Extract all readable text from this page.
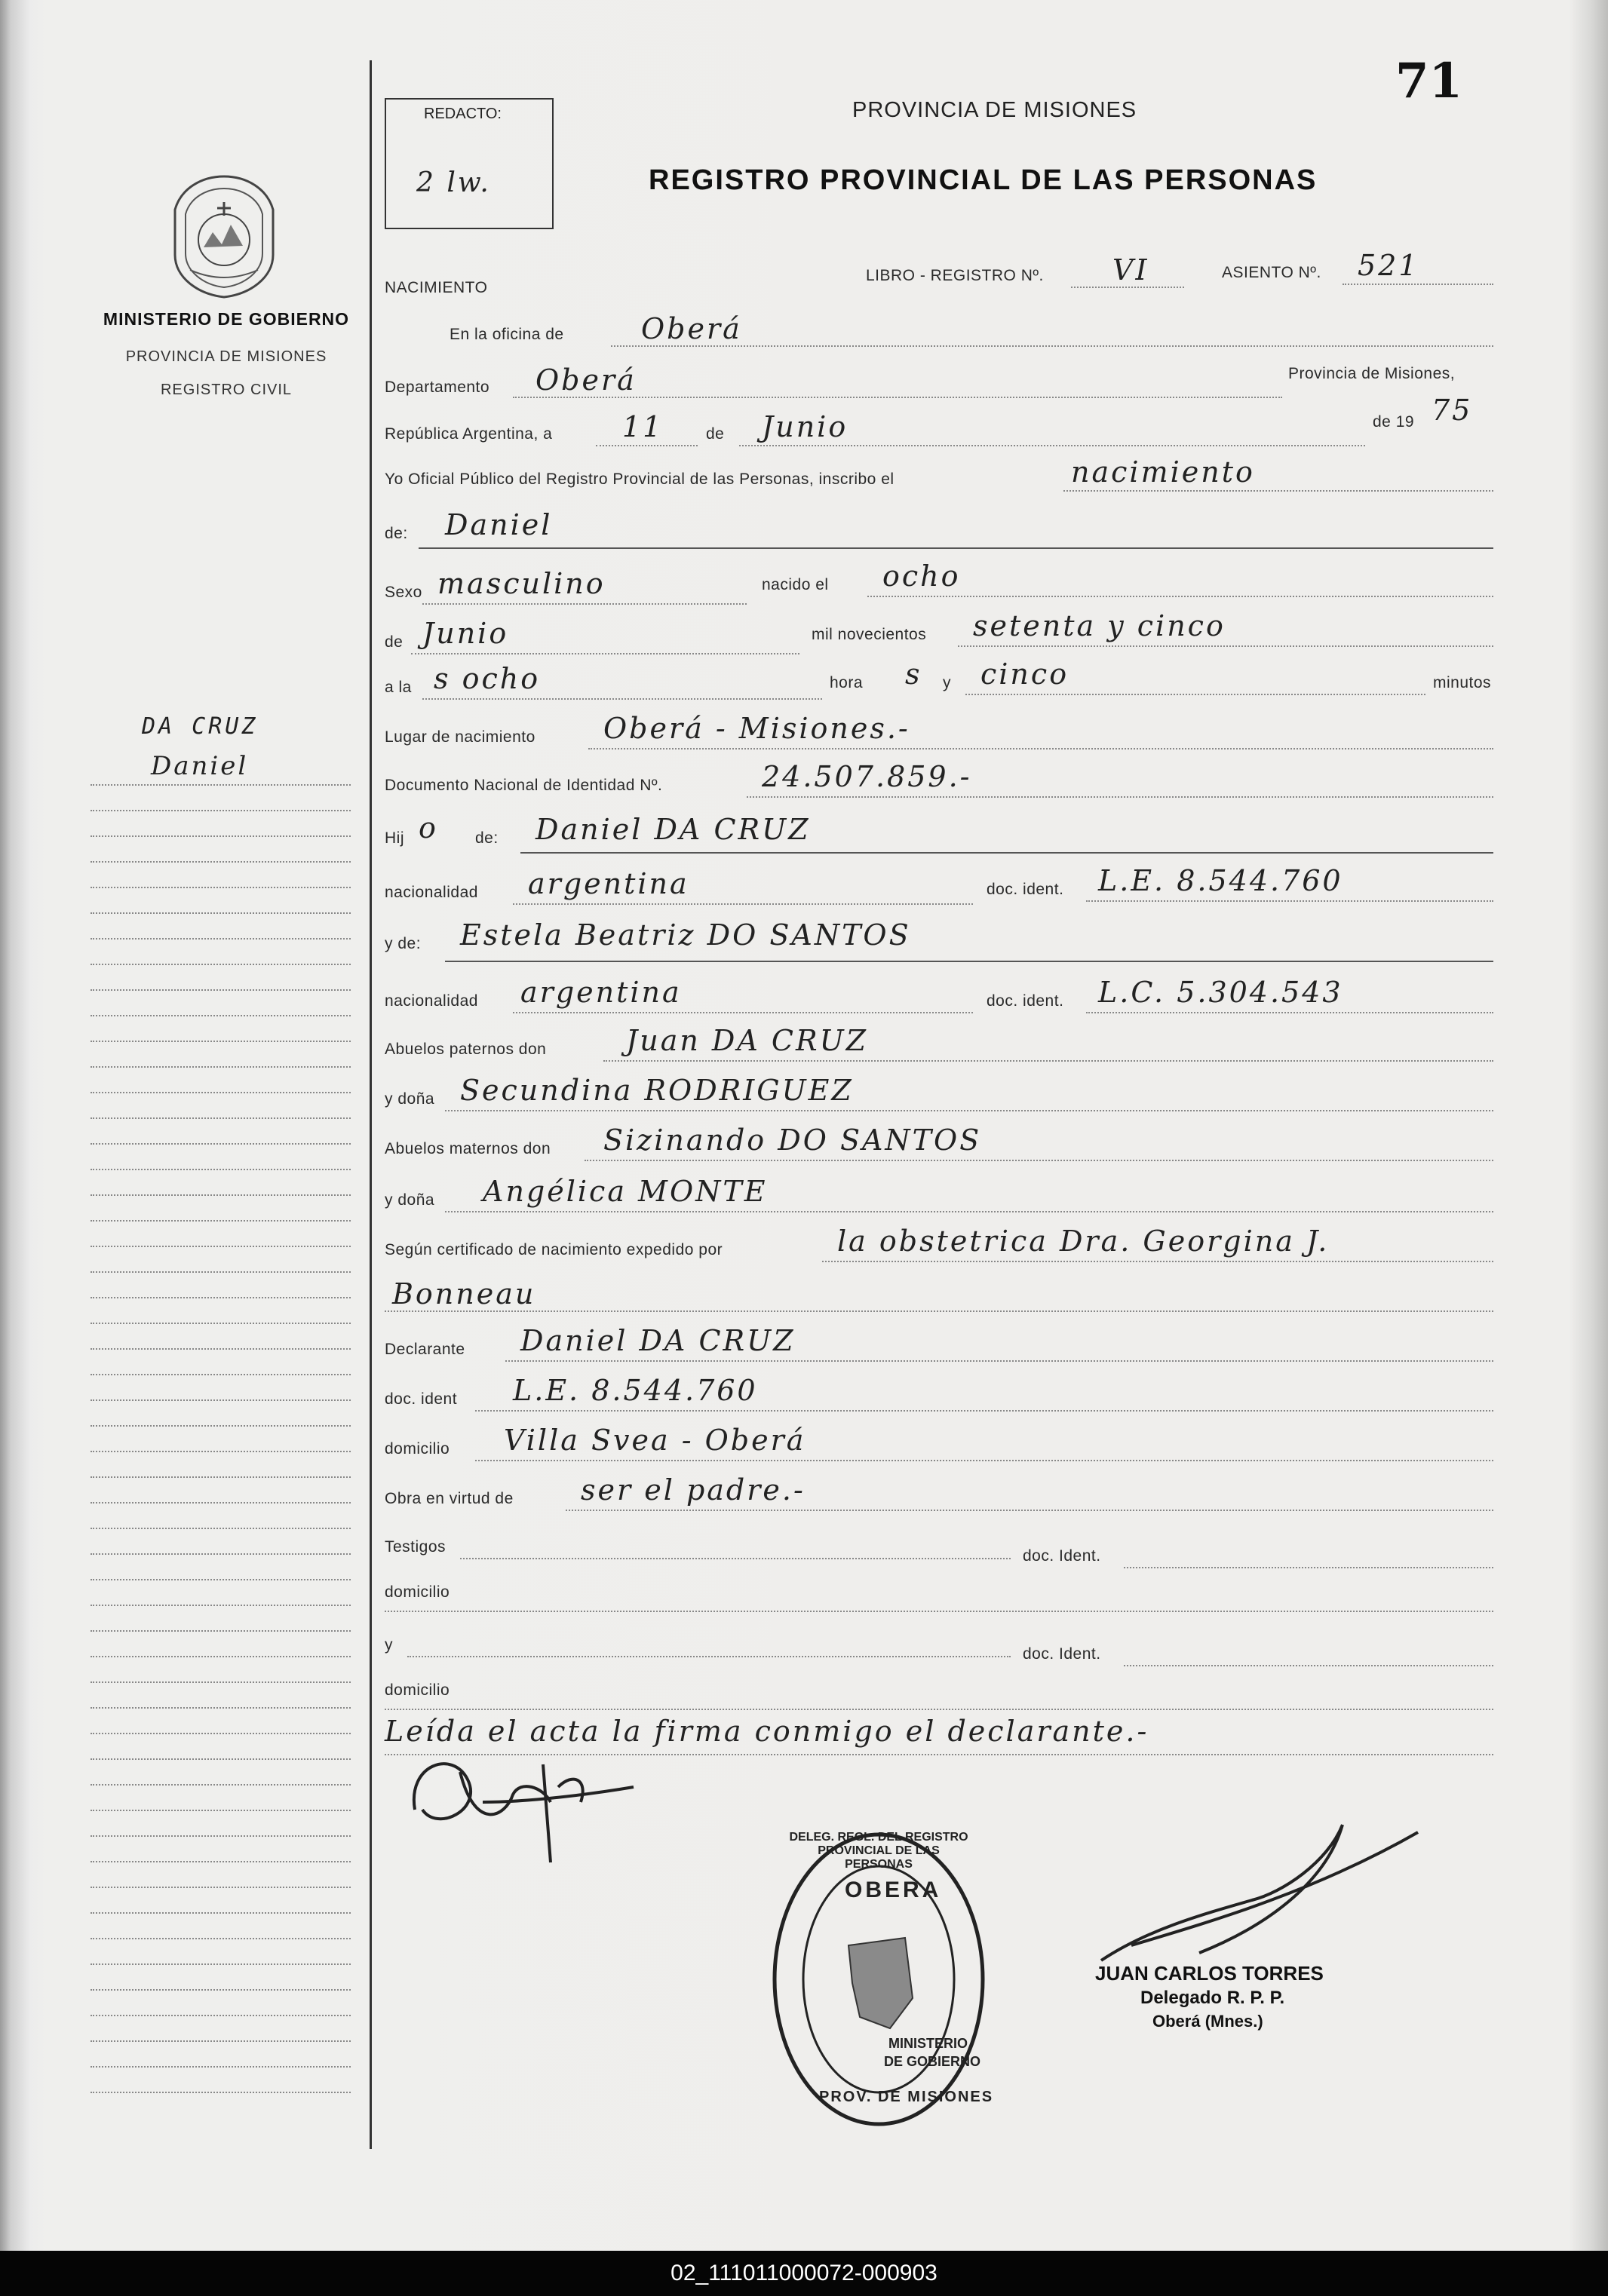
MINISTERIO DE GOBIERNO
PROVINCIA DE MISIONES
REGISTRO CIVIL
DA CRUZ
Daniel
71
REDACTO:
2 lw.
PROVINCIA DE MISIONES
REGISTRO PROVINCIAL DE LAS PERSONAS
NACIMIENTO
LIBRO - REGISTRO Nº. VI	ASIENTO Nº. 521
En la oficina de	Oberá
Departamento Oberá	Provincia de Misiones,
República Argentina, a 11	de Junio	de 19 75
Yo Oficial Público del Registro Provincial de las Personas, inscribo el	nacimiento
de: Daniel
Sexo masculino	nacido el ocho
de Junio	mil novecientos setenta y cinco
a la s ocho	hora s y cinco	minutos
Lugar de nacimiento Oberá - Misiones.-
Documento Nacional de Identidad Nº.	24.507.859.-
Hij o de: Daniel DA CRUZ
nacionalidad argentina	doc. ident. L.E. 8.544.760
y de: Estela Beatriz DO SANTOS
nacionalidad argentina	doc. ident. L.C. 5.304.543
Abuelos paternos don	Juan DA CRUZ
y doña Secundina RODRIGUEZ
Abuelos maternos don Sizinando DO SANTOS
y doña Angélica MONTE
Según certificado de nacimiento expedido por	la obstetrica Dra. Georgina J.
Bonneau
Declarante Daniel DA CRUZ
doc. ident L.E. 8.544.760
domicilio Villa Svea - Oberá
Obra en virtud de ser el padre.-
Testigos
doc. Ident.
domicilio
y
doc. Ident.
domicilio
Leída el acta la firma conmigo el declarante.-
DELEG. REGL. DEL REGISTRO PROVINCIAL DE LAS PERSONAS
OBERA
MINISTERIO
DE GOBIERNO
PROV. DE MISIONES
JUAN CARLOS TORRES
Delegado R. P. P.
Oberá (Mnes.)
02_111011000072-000903
